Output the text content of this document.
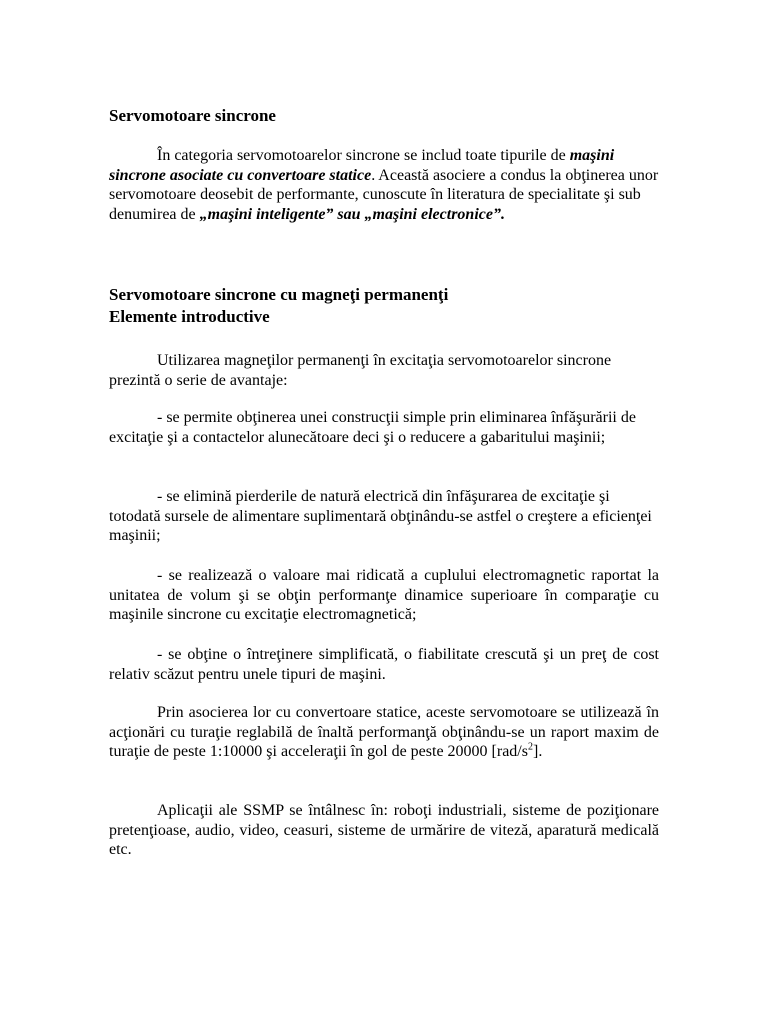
Servomotoare sincrone

În categoria servomotoarelor sincrone se includ toate tipurile de maşini sincrone asociate cu convertoare statice. Această asociere a condus la obţinerea unor servomotoare deosebit de performante, cunoscute în literatura de specialitate şi sub denumirea de „maşini inteligente” sau „maşini electronice”.

Servomotoare sincrone cu magneţi permanenţi
Elemente introductive

Utilizarea magneţilor permanenţi în excitaţia servomotoarelor sincrone prezintă o serie de avantaje:

- se permite obţinerea unei construcţii simple prin eliminarea înfăşurării de excitaţie şi a contactelor alunecătoare deci şi o reducere a gabaritului maşinii;

- se elimină pierderile de natură electrică din înfăşurarea de excitaţie şi totodată sursele de alimentare suplimentară obţinându-se astfel o creştere a eficienţei maşinii;

- se realizează o valoare mai ridicată a cuplului electromagnetic raportat la unitatea de volum şi se obţin performanţe dinamice superioare în comparaţie cu maşinile sincrone cu excitaţie electromagnetică;

- se obţine o întreţinere simplificată, o fiabilitate crescută şi un preţ de cost relativ scăzut pentru unele tipuri de maşini.

Prin asocierea lor cu convertoare statice, aceste servomotoare se utilizează în acţionări cu turaţie reglabilă de înaltă performanţă obţinându-se un raport maxim de turaţie de peste 1:10000 şi acceleraţii în gol de peste 20000 $[rad/s^2]$.

Aplicaţii ale SSMP se întâlnesc în: roboţi industriali, sisteme de poziţionare pretenţioase, audio, video, ceasuri, sisteme de urmărire de viteză, aparatură medicală etc.
